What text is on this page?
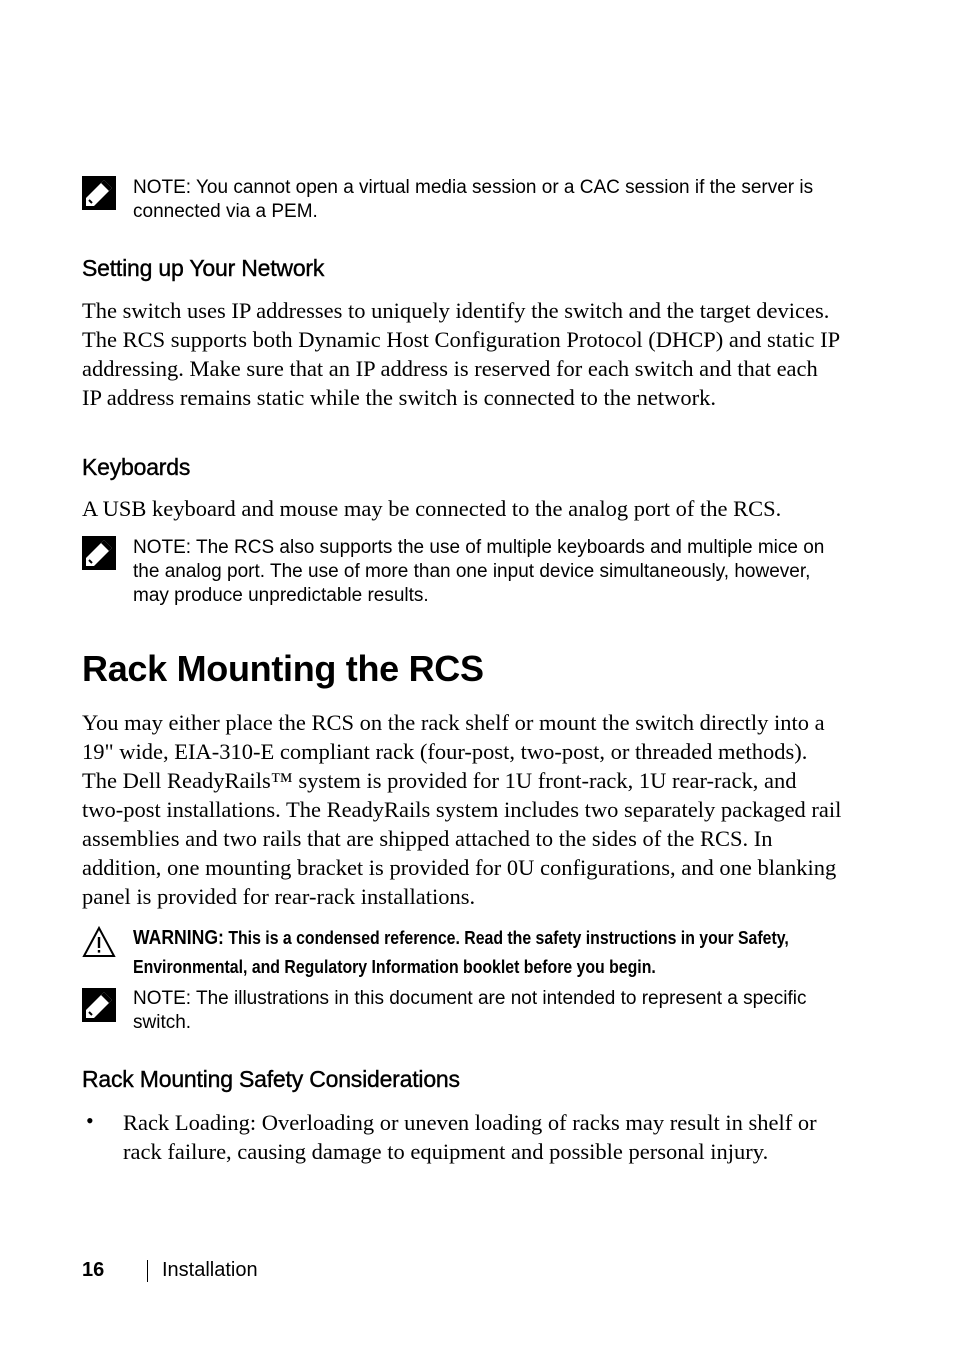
NOTE: You cannot open a virtual media session or a CAC session if the server is connected via a PEM.
Setting up Your Network
The switch uses IP addresses to uniquely identify the switch and the target devices. The RCS supports both Dynamic Host Configuration Protocol (DHCP) and static IP addressing. Make sure that an IP address is reserved for each switch and that each IP address remains static while the switch is connected to the network.
Keyboards
A USB keyboard and mouse may be connected to the analog port of the RCS.
NOTE: The RCS also supports the use of multiple keyboards and multiple mice on the analog port. The use of more than one input device simultaneously, however, may produce unpredictable results.
Rack Mounting the RCS
You may either place the RCS on the rack shelf or mount the switch directly into a 19" wide, EIA-310-E compliant rack (four-post, two-post, or threaded methods). The Dell ReadyRails™ system is provided for 1U front-rack, 1U rear-rack, and two-post installations. The ReadyRails system includes two separately packaged rail assemblies and two rails that are shipped attached to the sides of the RCS. In addition, one mounting bracket is provided for 0U configurations, and one blanking panel is provided for rear-rack installations.
WARNING: This is a condensed reference. Read the safety instructions in your Safety, Environmental, and Regulatory Information booklet before you begin.
NOTE: The illustrations in this document are not intended to represent a specific switch.
Rack Mounting Safety Considerations
• Rack Loading: Overloading or uneven loading of racks may result in shelf or rack failure, causing damage to equipment and possible personal injury.
16	Installation
